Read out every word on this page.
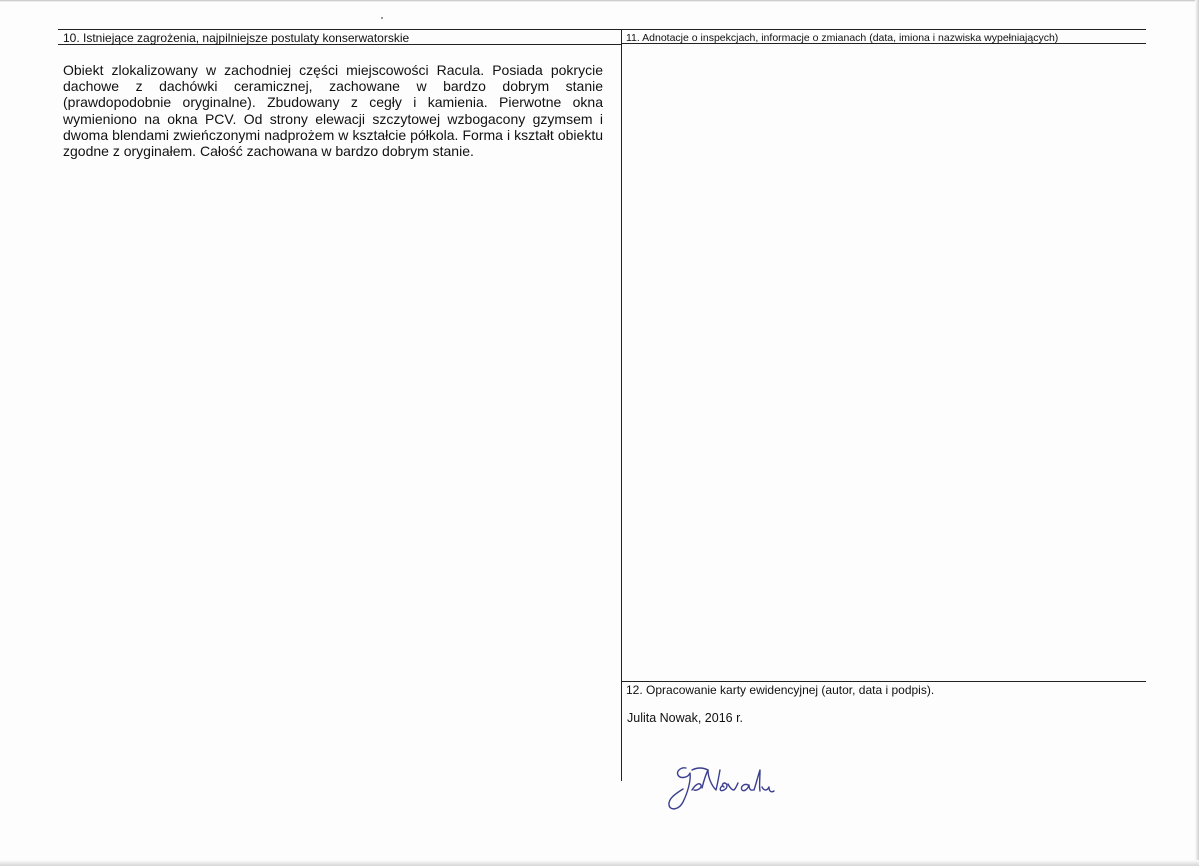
10. Istniejące zagrożenia, najpilniejsze postulaty konserwatorskie
Obiekt zlokalizowany w zachodniej części miejscowości Racula. Posiada pokrycie dachowe z dachówki ceramicznej, zachowane w bardzo dobrym stanie (prawdopodobnie oryginalne). Zbudowany z cegły i kamienia. Pierwotne okna wymieniono na okna PCV. Od strony elewacji szczytowej wzbogacony gzymsem i dwoma blendami zwieńczonymi nadprożem w kształcie półkola. Forma i kształt obiektu zgodne z oryginałem. Całość zachowana w bardzo dobrym stanie.
11. Adnotacje o inspekcjach, informacje o zmianach (data, imiona i nazwiska wypełniających)
12. Opracowanie karty ewidencyjnej (autor, data i podpis).
Julita Nowak, 2016 r.
